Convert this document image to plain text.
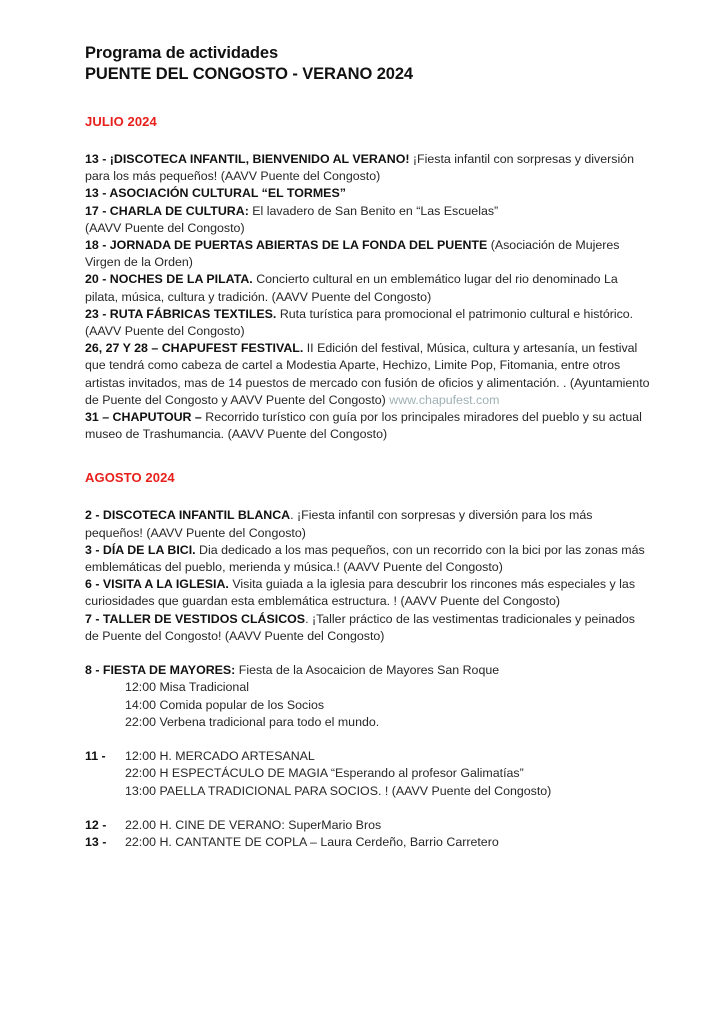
Programa de actividades
PUENTE DEL CONGOSTO - VERANO 2024
JULIO 2024
13 - ¡DISCOTECA INFANTIL, BIENVENIDO AL VERANO! ¡Fiesta infantil con sorpresas y diversión para los más pequeños! (AAVV Puente del Congosto)
13 - ASOCIACIÓN CULTURAL “EL TORMES”
17 - CHARLA DE CULTURA: El lavadero de San Benito en “Las Escuelas”
(AAVV Puente del Congosto)
18 - JORNADA DE PUERTAS ABIERTAS DE LA FONDA DEL PUENTE (Asociación de Mujeres Virgen de la Orden)
20 - NOCHES DE LA PILATA. Concierto cultural en un emblemático lugar del rio denominado La pilata, música, cultura y tradición. (AAVV Puente del Congosto)
23 - RUTA FÁBRICAS TEXTILES. Ruta turística para promocional el patrimonio cultural e histórico. (AAVV Puente del Congosto)
26, 27 Y 28 – CHAPUFEST FESTIVAL. II Edición del festival, Música, cultura y artesanía, un festival que tendrá como cabeza de cartel a Modestia Aparte, Hechizo, Limite Pop, Fitomania, entre otros artistas invitados, mas de 14 puestos de mercado con fusión de oficios y alimentación. . (Ayuntamiento de Puente del Congosto y AAVV Puente del Congosto) www.chapufest.com
31 – CHAPUTOUR – Recorrido turístico con guía por los principales miradores del pueblo y su actual museo de Trashumancia. (AAVV Puente del Congosto)
AGOSTO 2024
2 - DISCOTECA INFANTIL BLANCA. ¡Fiesta infantil con sorpresas y diversión para los más pequeños! (AAVV Puente del Congosto)
3 - DÍA DE LA BICI. Dia dedicado a los mas pequeños, con un recorrido con la bici por las zonas más emblemáticas del pueblo, merienda y música.! (AAVV Puente del Congosto)
6 - VISITA A LA IGLESIA. Visita guiada a la iglesia para descubrir los rincones más especiales y las curiosidades que guardan esta emblemática estructura. ! (AAVV Puente del Congosto)
7 - TALLER DE VESTIDOS CLÁSICOS. ¡Taller práctico de las vestimentas tradicionales y peinados de Puente del Congosto! (AAVV Puente del Congosto)
8 - FIESTA DE MAYORES: Fiesta de la Asocaicion de Mayores San Roque
12:00 Misa Tradicional
14:00 Comida popular de los Socios
22:00 Verbena tradicional para todo el mundo.
11 -	12:00 H. MERCADO ARTESANAL
22:00 H ESPECTÁCULO DE MAGIA “Esperando al profesor Galimatías”
13:00 PAELLA TRADICIONAL PARA SOCIOS. ! (AAVV Puente del Congosto)
12 -	22.00 H. CINE DE VERANO: SuperMario Bros
13 -	22:00 H. CANTANTE DE COPLA – Laura Cerdeño, Barrio Carretero
